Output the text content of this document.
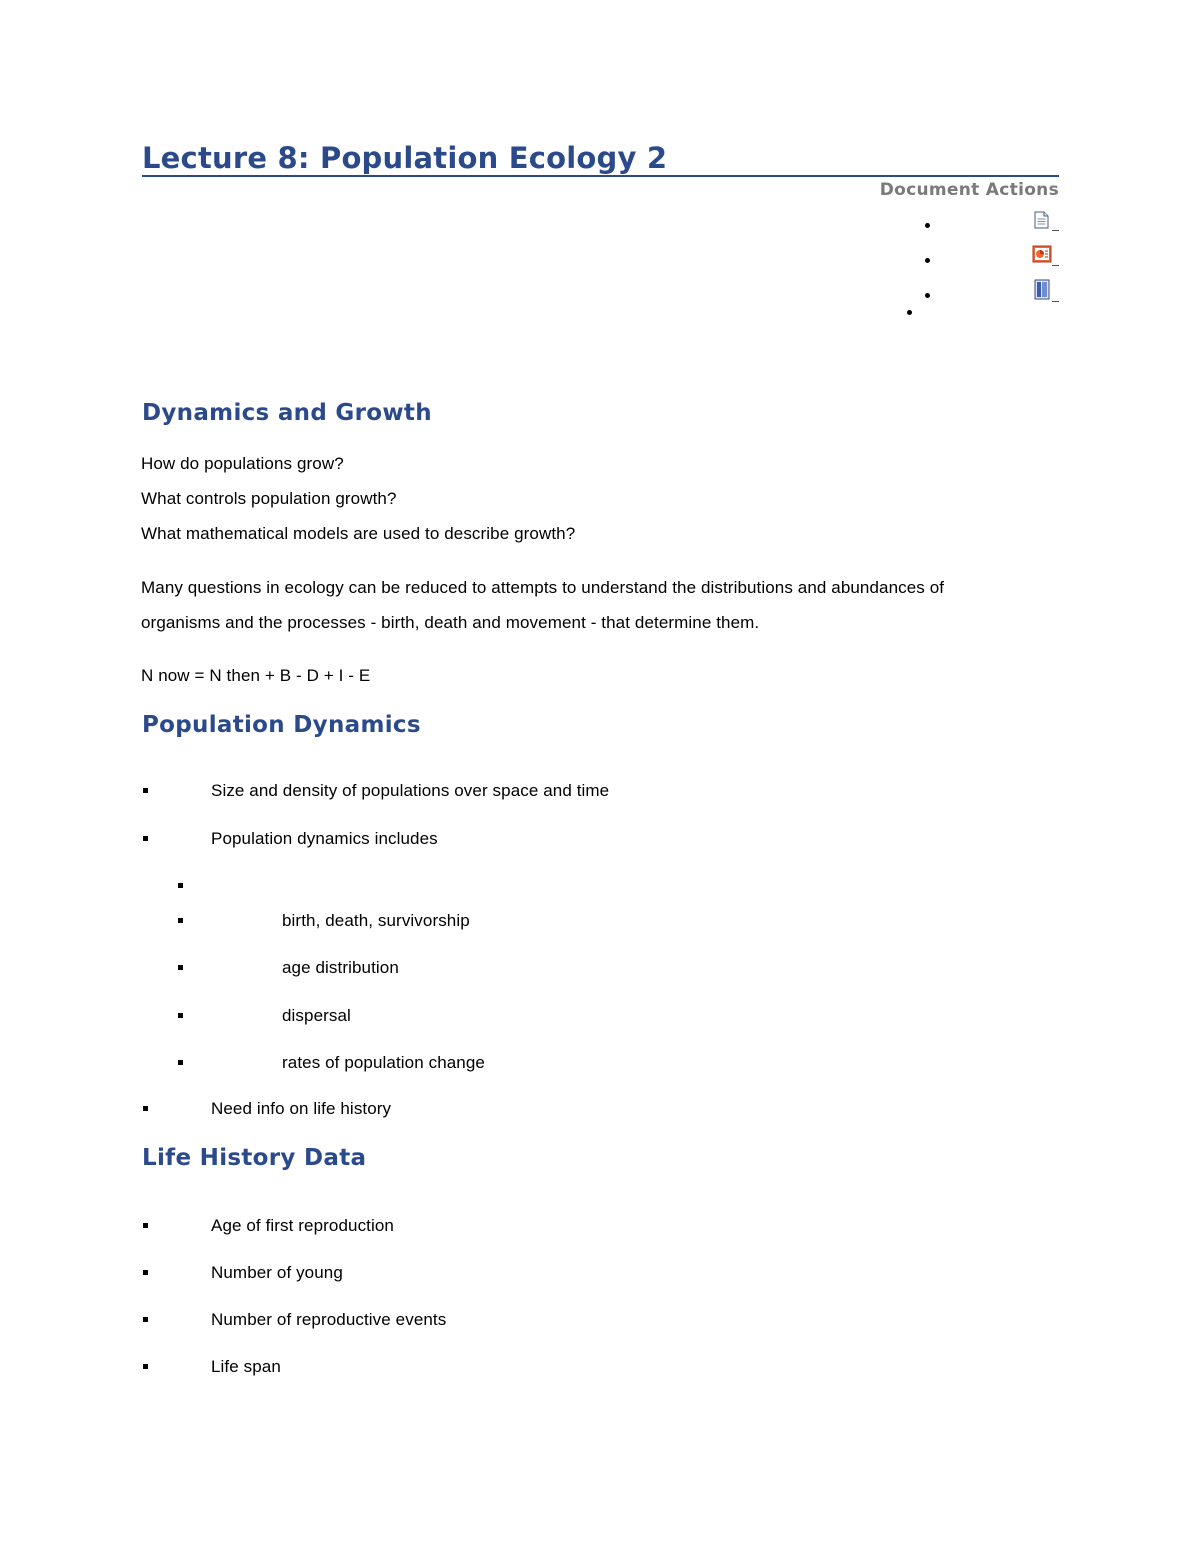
Lecture 8: Population Ecology 2
Document Actions
Dynamics and Growth
How do populations grow?
What controls population growth?
What mathematical models are used to describe growth?
Many questions in ecology can be reduced to attempts to understand the distributions and abundances of
organisms and the processes - birth, death and movement - that determine them.
N now = N then + B - D + I - E
Population Dynamics
Size and density of populations over space and time
Population dynamics includes
birth, death, survivorship
age distribution
dispersal
rates of population change
Need info on life history
Life History Data
Age of first reproduction
Number of young
Number of reproductive events
Life span
